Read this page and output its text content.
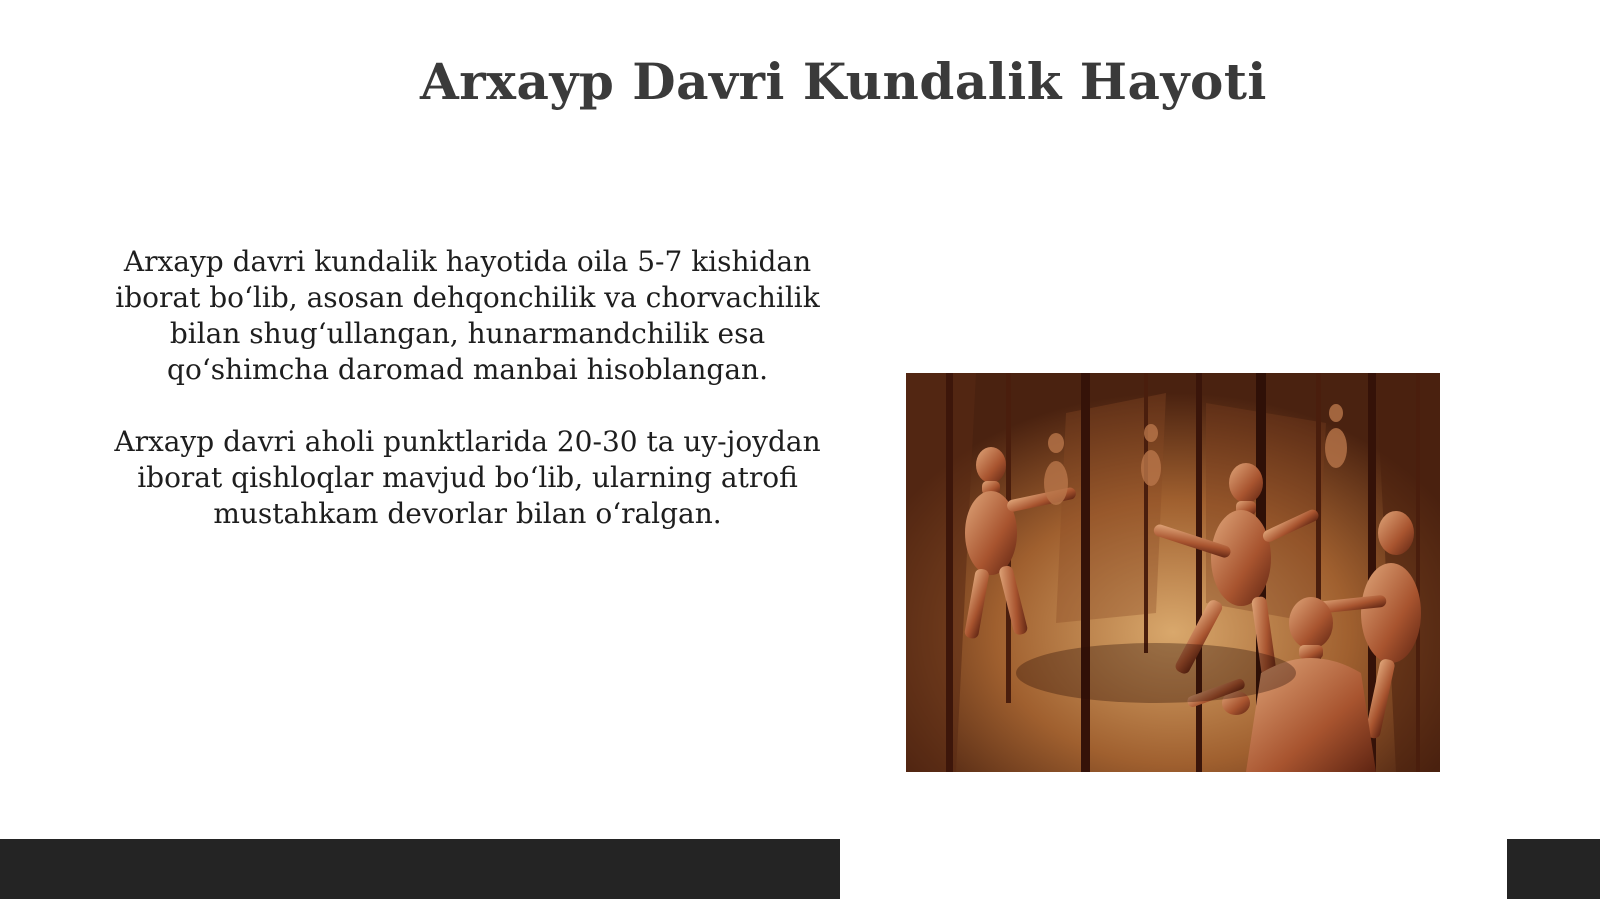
Arxayp Davri Kundalik Hayoti

Arxayp davri kundalik hayotida oila 5-7 kishidan iborat bo‘lib, asosan dehqonchilik va chorvachilik bilan shug‘ullangan, hunarmandchilik esa qo‘shimcha daromad manbai hisoblangan.

Arxayp davri aholi punktlarida 20-30 ta uy-joydan iborat qishloqlar mavjud bo‘lib, ularning atrofi mustahkam devorlar bilan o‘ralgan.
